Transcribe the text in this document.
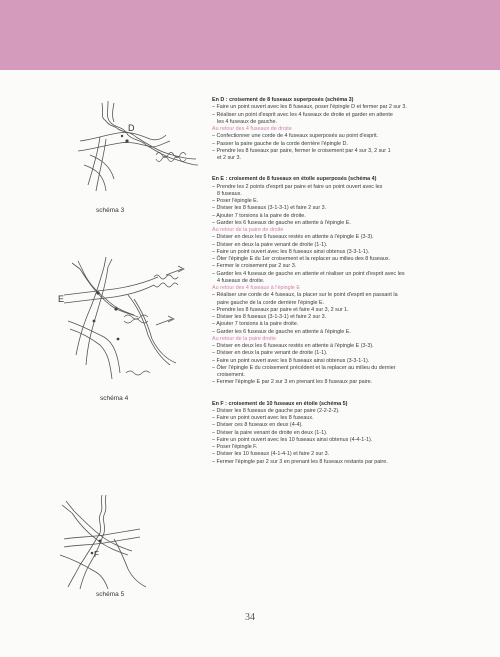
D
schéma 3
E
schéma 4
F
schéma 5
En D : croisement de 8 fuseaux superposés (schéma 3)
– Faire un point ouvert avec les 8 fuseaux, poser l'épingle D et fermer par 2 sur 3.
– Réaliser un point d'esprit avec les 4 fuseaux de droite et garder en attente
les 4 fuseaux de gauche.
Au retour des 4 fuseaux de droite
– Confectionner une corde de 4 fuseaux superposés au point d'esprit.
– Passer la paire gauche de la corde derrière l'épingle D.
– Prendre les 8 fuseaux par paire, fermer le croisement par 4 sur 3, 2 sur 1
et 2 sur 3.
En E : croisement de 8 fuseaux en étoile superposés (schéma 4)
– Prendre les 2 points d'esprit par paire et faire un point ouvert avec les
8 fuseaux.
– Poser l'épingle E.
– Diviser les 8 fuseaux (3-1-3-1) et faire 2 sur 3.
– Ajouter 7 torsions à la paire de droite.
– Garder les 6 fuseaux de gauche en attente à l'épingle E.
Au retour de la paire de droite
– Diviser en deux les 6 fuseaux restés en attente à l'épingle E (3-3).
– Diviser en deux la paire venant de droite (1-1).
– Faire un point ouvert avec les 8 fuseaux ainsi obtenus (3-3-1-1).
– Ôter l'épingle E du 1er croisement et la replacer au milieu des 8 fuseaux.
– Fermer le croisement par 2 sur 3.
– Garder les 4 fuseaux de gauche en attente et réaliser un point d'esprit avec les
4 fuseaux de droite.
Au retour des 4 fuseaux à l'épingle E
– Réaliser une corde de 4 fuseaux, la placer sur le point d'esprit en passant la
paire gauche de la corde derrière l'épingle E.
– Prendre les 8 fuseaux par paire et faire 4 sur 3, 2 sur 1.
– Diviser les 8 fuseaux (3-1-3-1) et faire 2 sur 3.
– Ajouter 7 torsions à la paire droite.
– Garder les 6 fuseaux de gauche en attente à l'épingle E.
Au retour de la paire droite
– Diviser en deux les 6 fuseaux restés en attente à l'épingle E (3-3).
– Diviser en deux la paire venant de droite (1-1).
– Faire un point ouvert avec les 8 fuseaux ainsi obtenus (3-3-1-1).
– Ôter l'épingle E du croisement précédent et la replacer au milieu du dernier
croisement.
– Fermer l'épingle E par 2 sur 3 en prenant les 8 fuseaux par paire.
En F : croisement de 10 fuseaux en étoile (schéma 5)
– Diviser les 8 fuseaux de gauche par paire (2-2-2-2).
– Faire un point ouvert avec les 8 fuseaux.
– Diviser ces 8 fuseaux en deux (4-4).
– Diviser la paire venant de droite en deux (1-1).
– Faire un point ouvert avec les 10 fuseaux ainsi obtenus (4-4-1-1).
– Poser l'épingle F.
– Diviser les 10 fuseaux (4-1-4-1) et faire 2 sur 3.
– Fermer l'épingle par 2 sur 3 en prenant les 8 fuseaux restants par paire.
34
